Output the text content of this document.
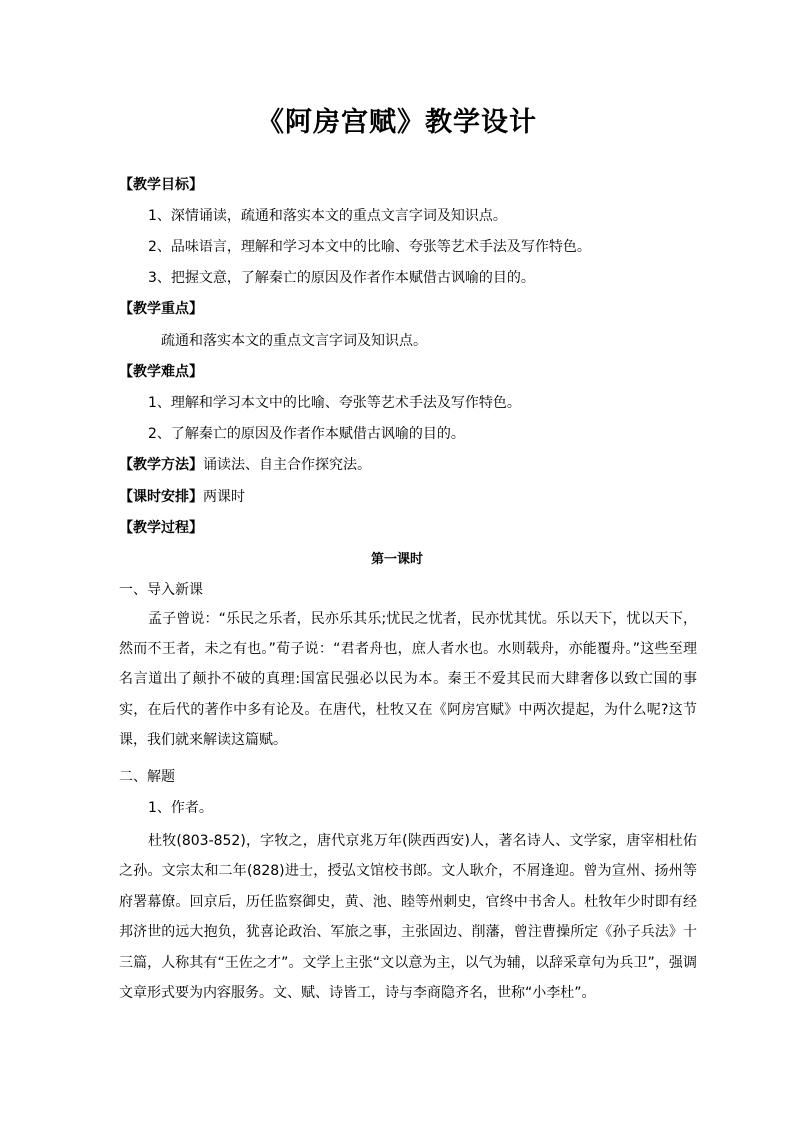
《阿房宫赋》教学设计
【教学目标】
1、深情诵读，疏通和落实本文的重点文言字词及知识点。
2、品味语言，理解和学习本文中的比喻、夸张等艺术手法及写作特色。
3、把握文意，了解秦亡的原因及作者作本赋借古讽喻的目的。
【教学重点】
疏通和落实本文的重点文言字词及知识点。
【教学难点】
1、理解和学习本文中的比喻、夸张等艺术手法及写作特色。
2、了解秦亡的原因及作者作本赋借古讽喻的目的。
【教学方法】诵读法、自主合作探究法。
【课时安排】两课时
【教学过程】
第一课时
一、导入新课
孟子曾说：“乐民之乐者，民亦乐其乐;忧民之忧者，民亦忧其忧。乐以天下，忧以天下，然而不王者，未之有也。”荀子说：“君者舟也，庶人者水也。水则载舟，亦能覆舟。”这些至理名言道出了颠扑不破的真理:国富民强必以民为本。秦王不爱其民而大肆奢侈以致亡国的事实，在后代的著作中多有论及。在唐代，杜牧又在《阿房宫赋》中两次提起，为什么呢?这节课，我们就来解读这篇赋。
二、解题
1、作者。
杜牧(803-852)，字牧之，唐代京兆万年(陕西西安)人，著名诗人、文学家，唐宰相杜佑之孙。文宗太和二年(828)进士，授弘文馆校书郎。文人耿介，不屑逢迎。曾为宣州、扬州等府署幕僚。回京后，历任监察御史，黄、池、睦等州刺史，官终中书舍人。杜牧年少时即有经邦济世的远大抱负，犹喜论政治、军旅之事，主张固边、削藩，曾注曹操所定《孙子兵法》十三篇，人称其有“王佐之才”。文学上主张“文以意为主，以气为辅，以辞采章句为兵卫”，强调文章形式要为内容服务。文、赋、诗皆工，诗与李商隐齐名，世称“小李杜”。
